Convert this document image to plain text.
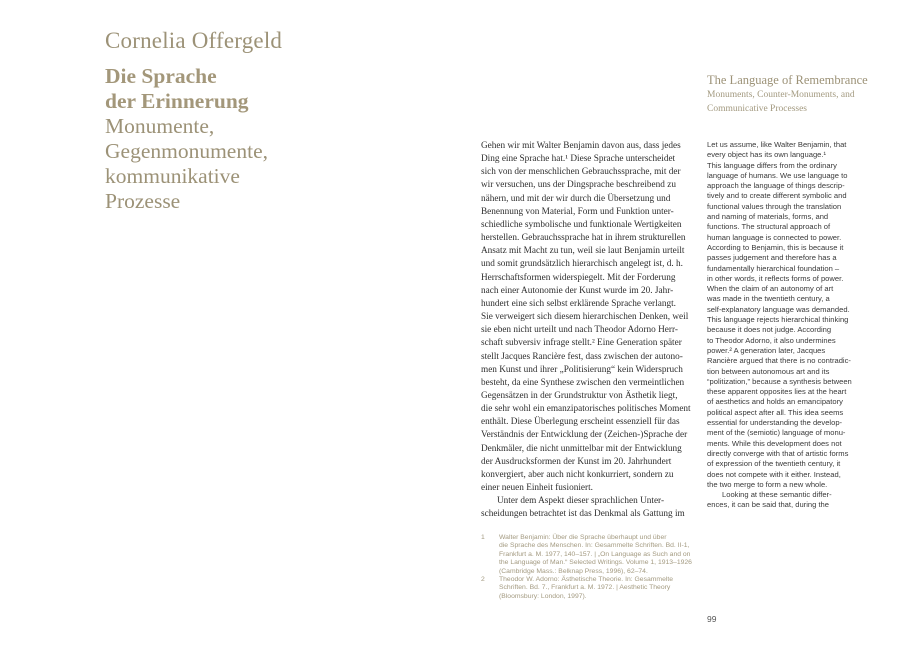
Cornelia Offergeld
Die Sprache
der Erinnerung
Monumente,
Gegenmonumente,
kommunikative
Prozesse
The Language of Remembrance Monuments, Counter-Monuments, and Communicative Processes

Gehen wir mit Walter Benjamin davon aus, dass jedes
Ding eine Sprache hat.¹ Diese Sprache unterscheidet
sich von der menschlichen Gebrauchssprache, mit der
wir versuchen, uns der Dingsprache beschreibend zu
nähern, und mit der wir durch die Übersetzung und
Benennung von Material, Form und Funktion unter-
schiedliche symbolische und funktionale Wertigkeiten
herstellen. Gebrauchssprache hat in ihrem strukturellen
Ansatz mit Macht zu tun, weil sie laut Benjamin urteilt
und somit grundsätzlich hierarchisch angelegt ist, d. h.
Herrschaftsformen widerspiegelt. Mit der Forderung
nach einer Autonomie der Kunst wurde im 20. Jahr-
hundert eine sich selbst erklärende Sprache verlangt.
Sie verweigert sich diesem hierarchischen Denken, weil
sie eben nicht urteilt und nach Theodor Adorno Herr-
schaft subversiv infrage stellt.² Eine Generation später
stellt Jacques Rancière fest, dass zwischen der autono-
men Kunst und ihrer „Politisierung“ kein Widerspruch
besteht, da eine Synthese zwischen den vermeintlichen
Gegensätzen in der Grundstruktur von Ästhetik liegt,
die sehr wohl ein emanzipatorisches politisches Moment
enthält. Diese Überlegung erscheint essenziell für das
Verständnis der Entwicklung der (Zeichen-)Sprache der
Denkmäler, die nicht unmittelbar mit der Entwicklung
der Ausdrucksformen der Kunst im 20. Jahrhundert
konvergiert, aber auch nicht konkurriert, sondern zu
einer neuen Einheit fusioniert.

Unter dem Aspekt dieser sprachlichen Unter-
scheidungen betrachtet ist das Denkmal als Gattung im

Let us assume, like Walter Benjamin, that
every object has its own language.¹
This language differs from the ordinary
language of humans. We use language to
approach the language of things descrip-
tively and to create different symbolic and
functional values through the translation
and naming of materials, forms, and
functions. The structural approach of
human language is connected to power.
According to Benjamin, this is because it
passes judgement and therefore has a
fundamentally hierarchical foundation –
in other words, it reflects forms of power.
When the claim of an autonomy of art
was made in the twentieth century, a
self-explanatory language was demanded.
This language rejects hierarchical thinking
because it does not judge. According
to Theodor Adorno, it also undermines
power.² A generation later, Jacques
Rancière argued that there is no contradic-
tion between autonomous art and its
“politization,” because a synthesis between
these apparent opposites lies at the heart
of aesthetics and holds an emancipatory
political aspect after all. This idea seems
essential for understanding the develop-
ment of the (semiotic) language of monu-
ments. While this development does not
directly converge with that of artistic forms
of expression of the twentieth century, it
does not compete with it either. Instead,
the two merge to form a new whole.

Looking at these semantic differ-
ences, it can be said that, during the

1	Walter Benjamin: Über die Sprache überhaupt und über
die Sprache des Menschen. In: Gesammelte Schriften. Bd. II-1,
Frankfurt a. M. 1977, 140–157. | „On Language as Such and on
the Language of Man.“ Selected Writings. Volume 1, 1913–1926
(Cambridge Mass.: Belknap Press, 1996), 62–74.
2	Theodor W. Adorno: Ästhetische Theorie. In: Gesammelte
Schriften. Bd. 7., Frankfurt a. M. 1972. | Aesthetic Theory
(Bloomsbury: London, 1997).
99
